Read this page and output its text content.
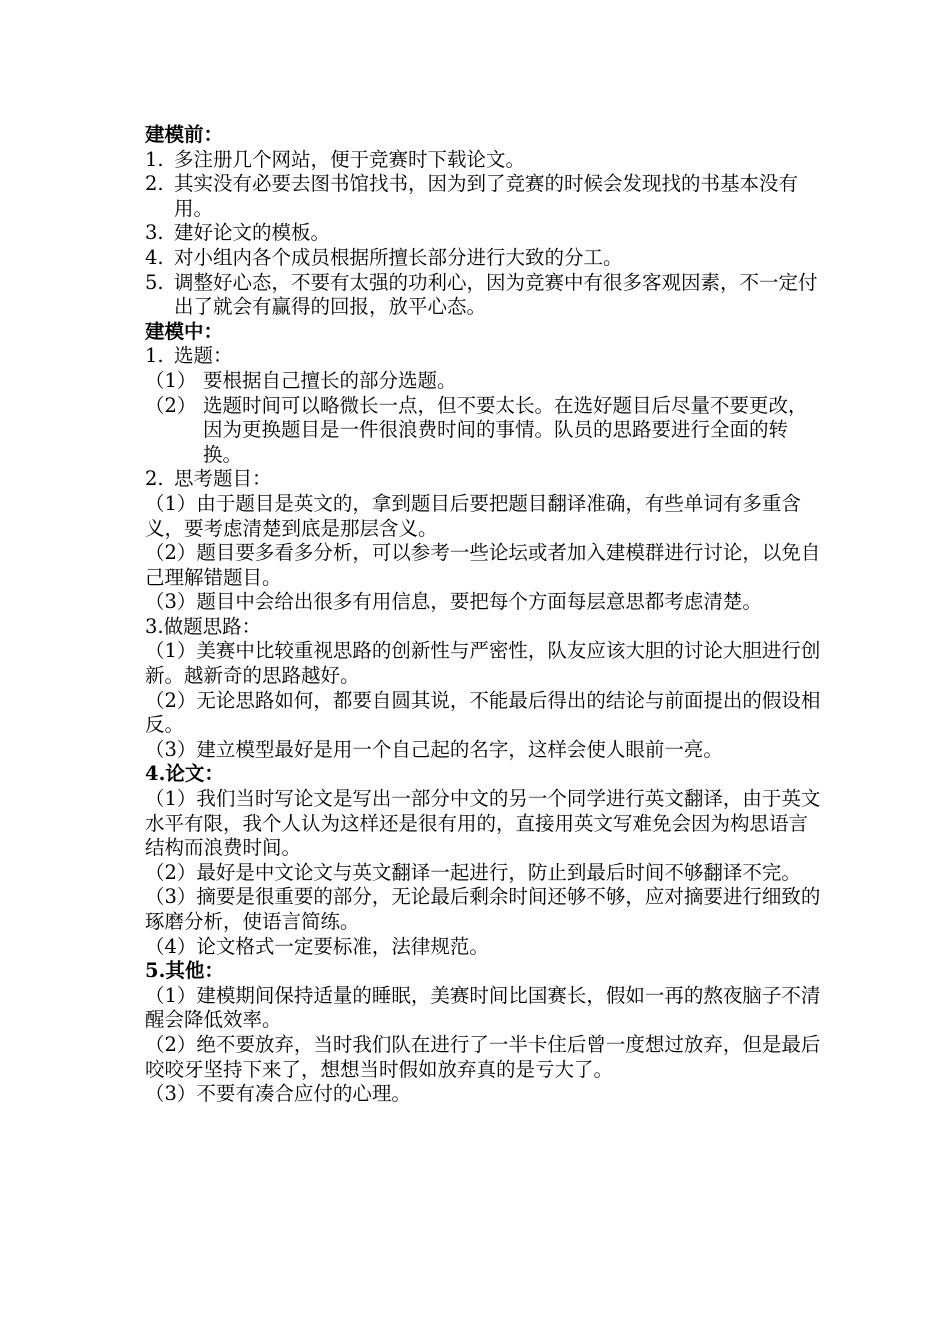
建模前：

1. 多注册几个网站，便于竞赛时下载论文。

2. 其实没有必要去图书馆找书，因为到了竞赛的时候会发现找的书基本没有用。

3. 建好论文的模板。

4. 对小组内各个成员根据所擅长部分进行大致的分工。

5. 调整好心态，不要有太强的功利心，因为竞赛中有很多客观因素，不一定付出了就会有赢得的回报，放平心态。

建模中：

1. 选题：

（1） 要根据自己擅长的部分选题。

（2） 选题时间可以略微长一点，但不要太长。在选好题目后尽量不要更改，因为更换题目是一件很浪费时间的事情。队员的思路要进行全面的转换。

2. 思考题目：

（1）由于题目是英文的，拿到题目后要把题目翻译准确，有些单词有多重含义，要考虑清楚到底是那层含义。

（2）题目要多看多分析，可以参考一些论坛或者加入建模群进行讨论，以免自己理解错题目。

（3）题目中会给出很多有用信息，要把每个方面每层意思都考虑清楚。

3.做题思路：

（1）美赛中比较重视思路的创新性与严密性，队友应该大胆的讨论大胆进行创新。越新奇的思路越好。

（2）无论思路如何，都要自圆其说，不能最后得出的结论与前面提出的假设相反。

（3）建立模型最好是用一个自己起的名字，这样会使人眼前一亮。

4.论文：

（1）我们当时写论文是写出一部分中文的另一个同学进行英文翻译，由于英文水平有限，我个人认为这样还是很有用的，直接用英文写难免会因为构思语言结构而浪费时间。

（2）最好是中文论文与英文翻译一起进行，防止到最后时间不够翻译不完。

（3）摘要是很重要的部分，无论最后剩余时间还够不够，应对摘要进行细致的琢磨分析，使语言简练。

（4）论文格式一定要标准，法律规范。

5.其他：

（1）建模期间保持适量的睡眠，美赛时间比国赛长，假如一再的熬夜脑子不清醒会降低效率。

（2）绝不要放弃，当时我们队在进行了一半卡住后曾一度想过放弃，但是最后咬咬牙坚持下来了，想想当时假如放弃真的是亏大了。

（3）不要有凑合应付的心理。
